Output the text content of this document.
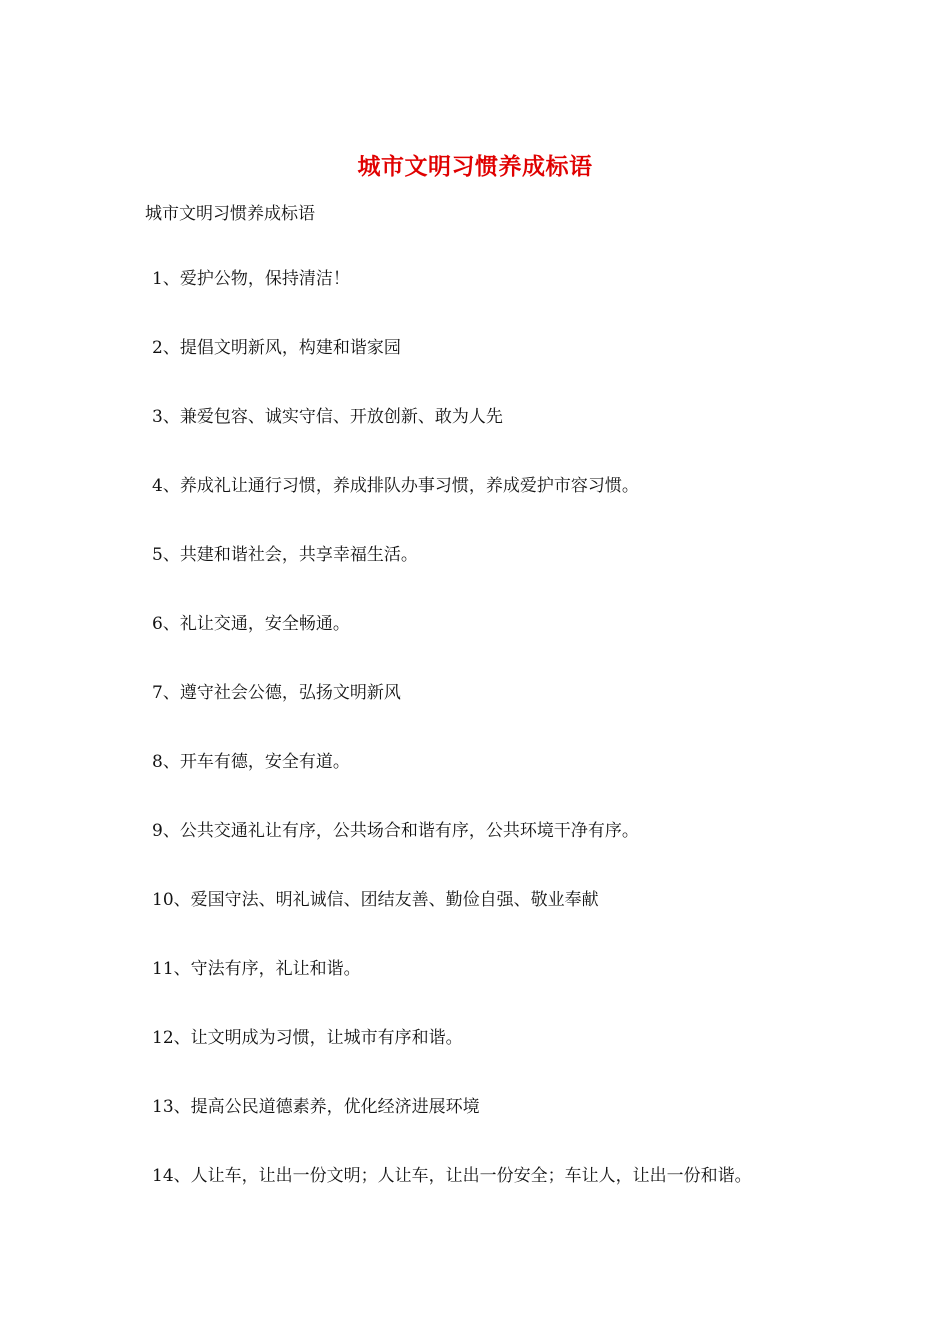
城市文明习惯养成标语
城市文明习惯养成标语
1、爱护公物，保持清洁！
2、提倡文明新风，构建和谐家园
3、兼爱包容、诚实守信、开放创新、敢为人先
4、养成礼让通行习惯，养成排队办事习惯，养成爱护市容习惯。
5、共建和谐社会，共享幸福生活。
6、礼让交通，安全畅通。
7、遵守社会公德，弘扬文明新风
8、开车有德，安全有道。
9、公共交通礼让有序，公共场合和谐有序，公共环境干净有序。
10、爱国守法、明礼诚信、团结友善、勤俭自强、敬业奉献
11、守法有序，礼让和谐。
12、让文明成为习惯，让城市有序和谐。
13、提高公民道德素养，优化经济进展环境
14、人让车，让出一份文明；人让车，让出一份安全；车让人，让出一份和谐。
